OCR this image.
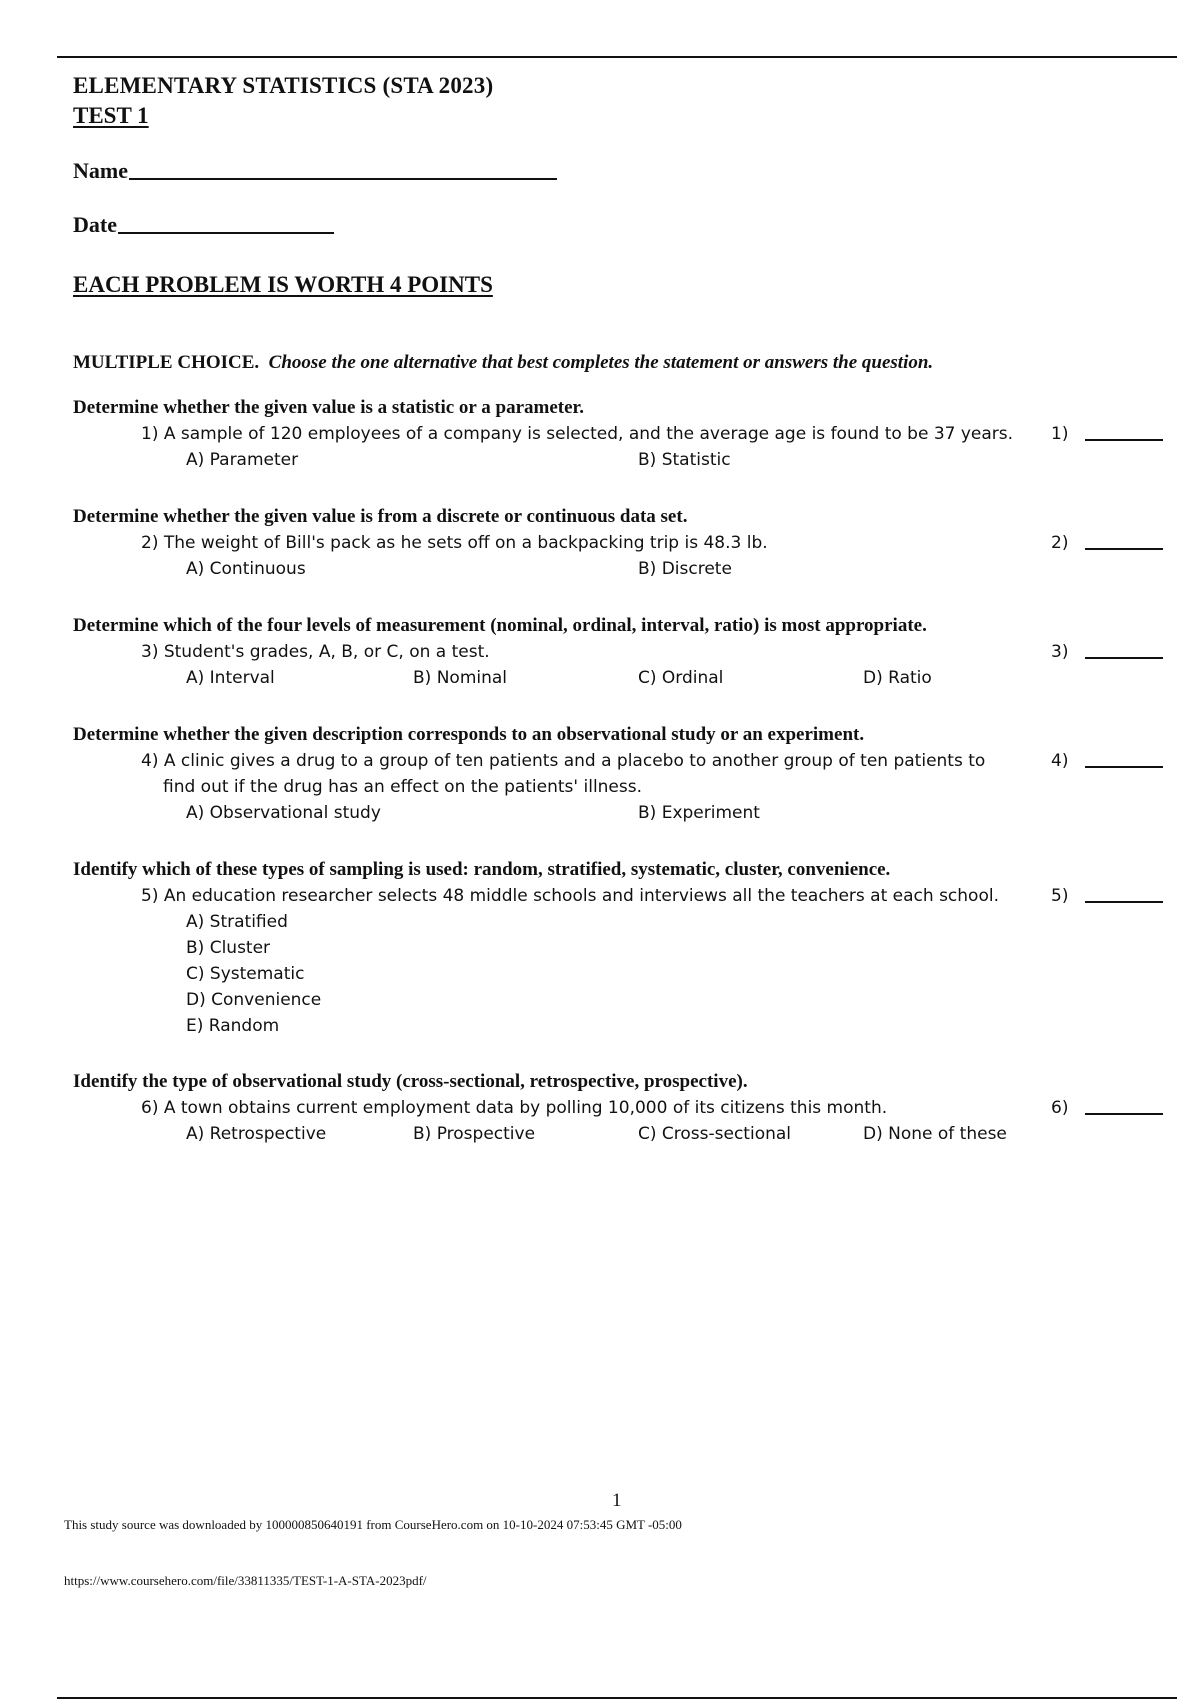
ELEMENTARY STATISTICS (STA 2023)
TEST 1
Name
Date
EACH PROBLEM IS WORTH 4 POINTS
MULTIPLE CHOICE. Choose the one alternative that best completes the statement or answers the question.
Determine whether the given value is a statistic or a parameter.
1) A sample of 120 employees of a company is selected, and the average age is found to be 37 years. 1)
A) Parameter	B) Statistic
Determine whether the given value is from a discrete or continuous data set.
2) The weight of Bill's pack as he sets off on a backpacking trip is 48.3 lb.	2)
A) Continuous	B) Discrete
Determine which of the four levels of measurement (nominal, ordinal, interval, ratio) is most appropriate.
3) Student's grades, A, B, or C, on a test.	3)
A) Interval	B) Nominal	C) Ordinal	D) Ratio
Determine whether the given description corresponds to an observational study or an experiment.
4) A clinic gives a drug to a group of ten patients and a placebo to another group of ten patients to	4)
find out if the drug has an effect on the patients' illness.
A) Observational study	B) Experiment
Identify which of these types of sampling is used: random, stratified, systematic, cluster, convenience.
5) An education researcher selects 48 middle schools and interviews all the teachers at each school.	5)
A) Stratified
B) Cluster
C) Systematic
D) Convenience
E) Random
Identify the type of observational study (cross-sectional, retrospective, prospective).
6) A town obtains current employment data by polling 10,000 of its citizens this month.	6)
A) Retrospective	B) Prospective	C) Cross-sectional	D) None of these
1
This study source was downloaded by 100000850640191 from CourseHero.com on 10-10-2024 07:53:45 GMT -05:00
https://www.coursehero.com/file/33811335/TEST-1-A-STA-2023pdf/
